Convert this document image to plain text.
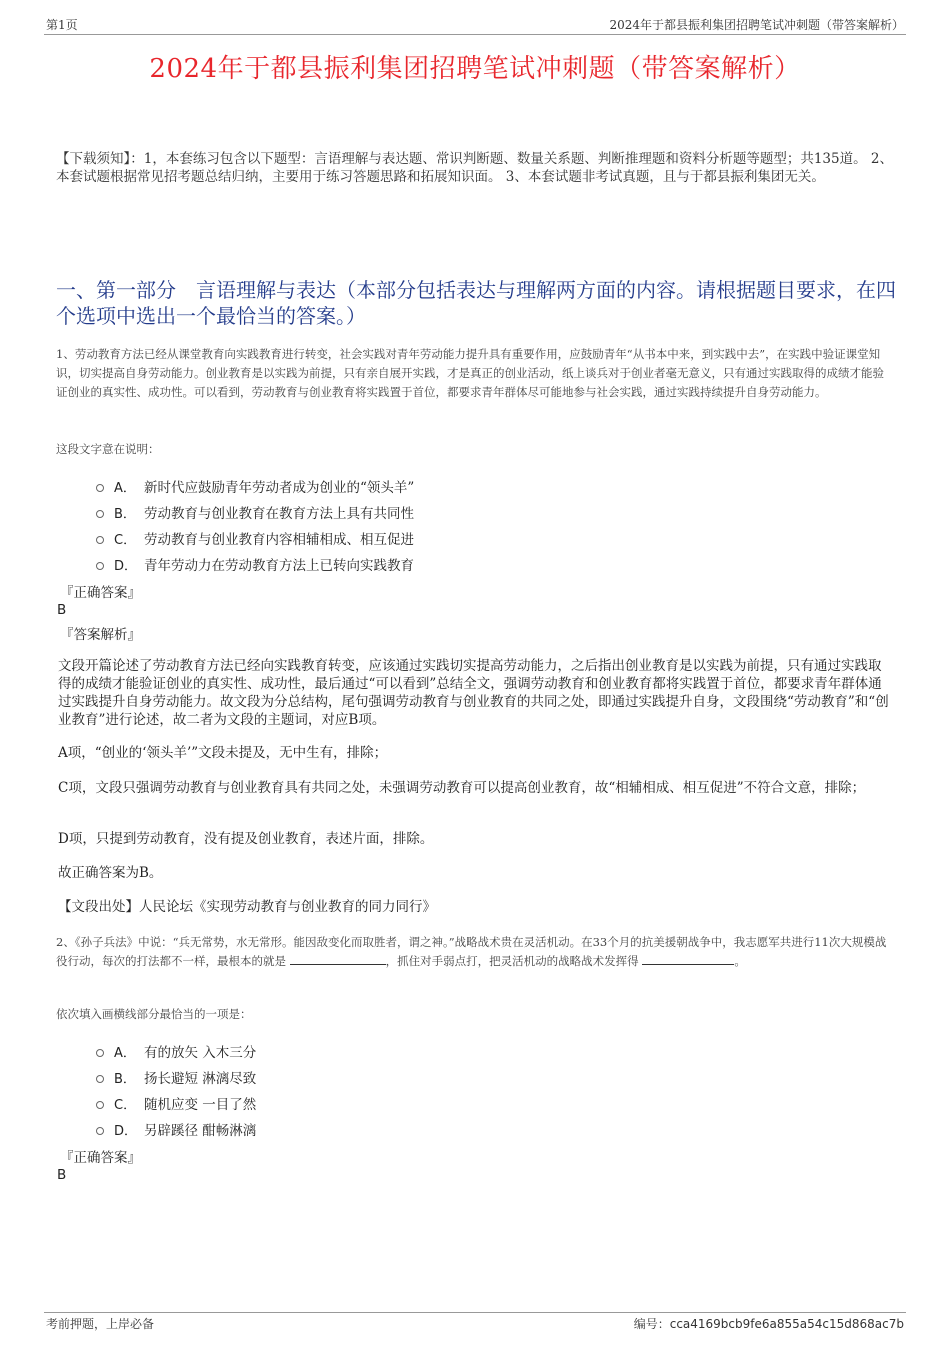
第1页	2024年于都县振利集团招聘笔试冲刺题（带答案解析）
2024年于都县振利集团招聘笔试冲刺题（带答案解析）
【下载须知】：1，本套练习包含以下题型：言语理解与表达题、常识判断题、数量关系题、判断推理题和资料分析题等题型；共135道。 2、本套试题根据常见招考题总结归纳，主要用于练习答题思路和拓展知识面。 3、本套试题非考试真题，且与于都县振利集团无关。
一、第一部分　言语理解与表达（本部分包括表达与理解两方面的内容。请根据题目要求，在四个选项中选出一个最恰当的答案。）
1、劳动教育方法已经从课堂教育向实践教育进行转变，社会实践对青年劳动能力提升具有重要作用，应鼓励青年“从书本中来，到实践中去”，在实践中验证课堂知识，切实提高自身劳动能力。创业教育是以实践为前提，只有亲自展开实践，才是真正的创业活动，纸上谈兵对于创业者毫无意义，只有通过实践取得的成绩才能验证创业的真实性、成功性。可以看到，劳动教育与创业教育将实践置于首位，都要求青年群体尽可能地参与社会实践，通过实践持续提升自身劳动能力。
这段文字意在说明：
A． 新时代应鼓励青年劳动者成为创业的“领头羊”
B． 劳动教育与创业教育在教育方法上具有共同性
C． 劳动教育与创业教育内容相辅相成、相互促进
D． 青年劳动力在劳动教育方法上已转向实践教育
『正确答案』
B
『答案解析』
文段开篇论述了劳动教育方法已经向实践教育转变，应该通过实践切实提高劳动能力，之后指出创业教育是以实践为前提，只有通过实践取得的成绩才能验证创业的真实性、成功性，最后通过“可以看到”总结全文，强调劳动教育和创业教育都将实践置于首位，都要求青年群体通过实践提升自身劳动能力。故文段为分总结构，尾句强调劳动教育与创业教育的共同之处，即通过实践提升自身，文段围绕“劳动教育”和“创业教育”进行论述，故二者为文段的主题词，对应B项。
A项，“创业的‘领头羊’”文段未提及，无中生有，排除；
C项，文段只强调劳动教育与创业教育具有共同之处，未强调劳动教育可以提高创业教育，故“相辅相成、相互促进”不符合文意，排除；
D项，只提到劳动教育，没有提及创业教育，表述片面，排除。
故正确答案为B。
【文段出处】人民论坛《实现劳动教育与创业教育的同力同行》
2、《孙子兵法》中说：“兵无常势，水无常形。能因敌变化而取胜者，谓之神。”战略战术贵在灵活机动。在33个月的抗美援朝战争中，我志愿军共进行11次大规模战役行动，每次的打法都不一样，最根本的就是	，抓住对手弱点打，把灵活机动的战略战术发挥得	。
依次填入画横线部分最恰当的一项是：
A． 有的放矢 入木三分
B． 扬长避短 淋漓尽致
C． 随机应变 一目了然
D． 另辟蹊径 酣畅淋漓
『正确答案』
B
考前押题，上岸必备	编号：cca4169bcb9fe6a855a54c15d868ac7b
